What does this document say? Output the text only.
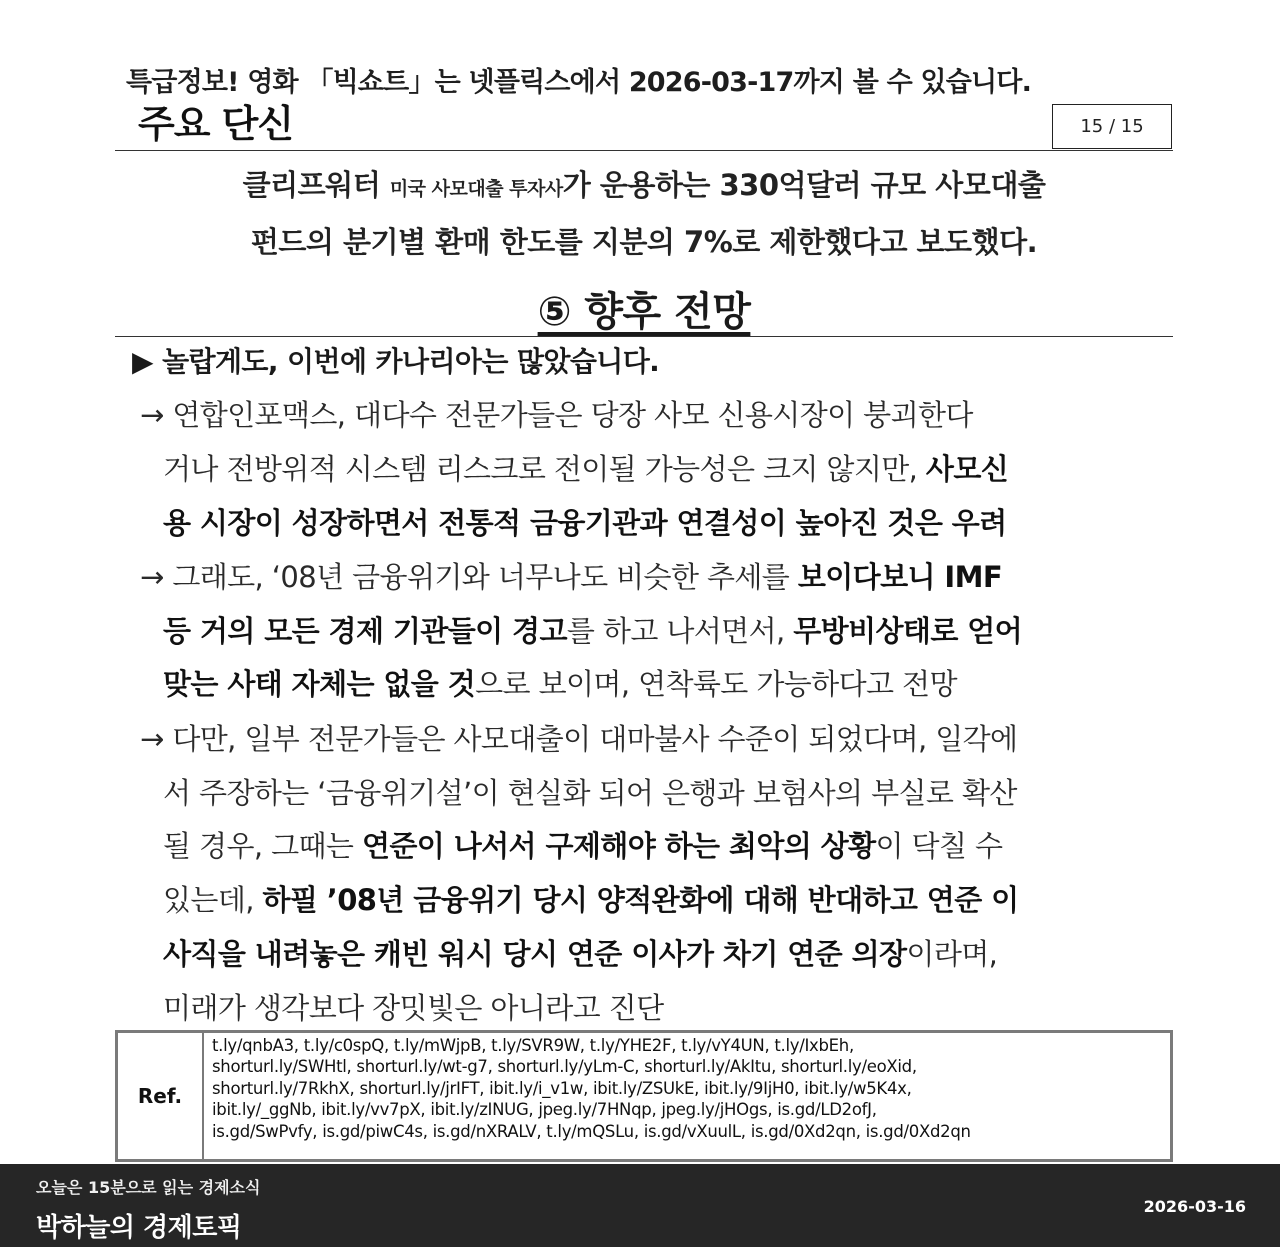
특급정보! 영화 「빅쇼트」는 넷플릭스에서 2026-03-17까지 볼 수 있습니다.
주요 단신	15 / 15
클리프워터 미국 사모대출 투자사가 운용하는 330억달러 규모 사모대출
펀드의 분기별 환매 한도를 지분의 7%로 제한했다고 보도했다.
⑤ 향후 전망
▶ 놀랍게도, 이번에 카나리아는 많았습니다.
→ 연합인포맥스, 대다수 전문가들은 당장 사모 신용시장이 붕괴한다
거나 전방위적 시스템 리스크로 전이될 가능성은 크지 않지만, 사모신
용 시장이 성장하면서 전통적 금융기관과 연결성이 높아진 것은 우려
→ 그래도, ‘08년 금융위기와 너무나도 비슷한 추세를 보이다보니 IMF
등 거의 모든 경제 기관들이 경고를 하고 나서면서, 무방비상태로 얻어
맞는 사태 자체는 없을 것으로 보이며, 연착륙도 가능하다고 전망
→ 다만, 일부 전문가들은 사모대출이 대마불사 수준이 되었다며, 일각에
서 주장하는 ‘금융위기설’이 현실화 되어 은행과 보험사의 부실로 확산
될 경우, 그때는 연준이 나서서 구제해야 하는 최악의 상황이 닥칠 수
있는데, 하필 ’08년 금융위기 당시 양적완화에 대해 반대하고 연준 이
사직을 내려놓은 캐빈 워시 당시 연준 이사가 차기 연준 의장이라며,
미래가 생각보다 장밋빛은 아니라고 진단
Ref.
t.ly/qnbA3, t.ly/c0spQ, t.ly/mWjpB, t.ly/SVR9W, t.ly/YHE2F, t.ly/vY4UN, t.ly/IxbEh,
shorturl.ly/SWHtl, shorturl.ly/wt-g7, shorturl.ly/yLm-C, shorturl.ly/AkItu, shorturl.ly/eoXid,
shorturl.ly/7RkhX, shorturl.ly/jrIFT, ibit.ly/i_v1w, ibit.ly/ZSUkE, ibit.ly/9IjH0, ibit.ly/w5K4x,
ibit.ly/_ggNb, ibit.ly/vv7pX, ibit.ly/zINUG, jpeg.ly/7HNqp, jpeg.ly/jHOgs, is.gd/LD2ofJ,
is.gd/SwPvfy, is.gd/piwC4s, is.gd/nXRALV, t.ly/mQSLu, is.gd/vXuulL, is.gd/0Xd2qn, is.gd/0Xd2qn
오늘은 15분으로 읽는 경제소식
박하늘의 경제토픽
2026-03-16
